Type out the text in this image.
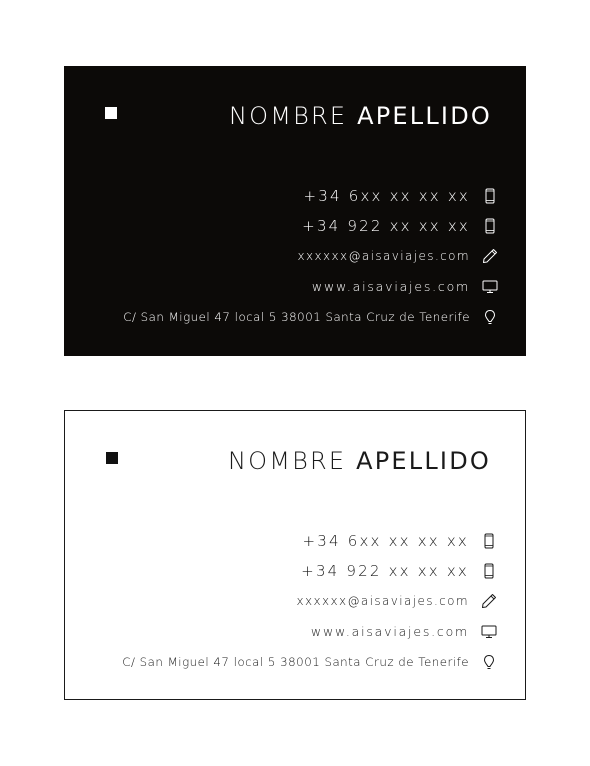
NOMBRE APELLIDO
+34 6xx xx xx xx
+34 922 xx xx xx
xxxxxx@aisaviajes.com
www.aisaviajes.com
C/ San Miguel 47 local 5 38001 Santa Cruz de Tenerife
NOMBRE APELLIDO
+34 6xx xx xx xx
+34 922 xx xx xx
xxxxxx@aisaviajes.com
www.aisaviajes.com
C/ San Miguel 47 local 5 38001 Santa Cruz de Tenerife
